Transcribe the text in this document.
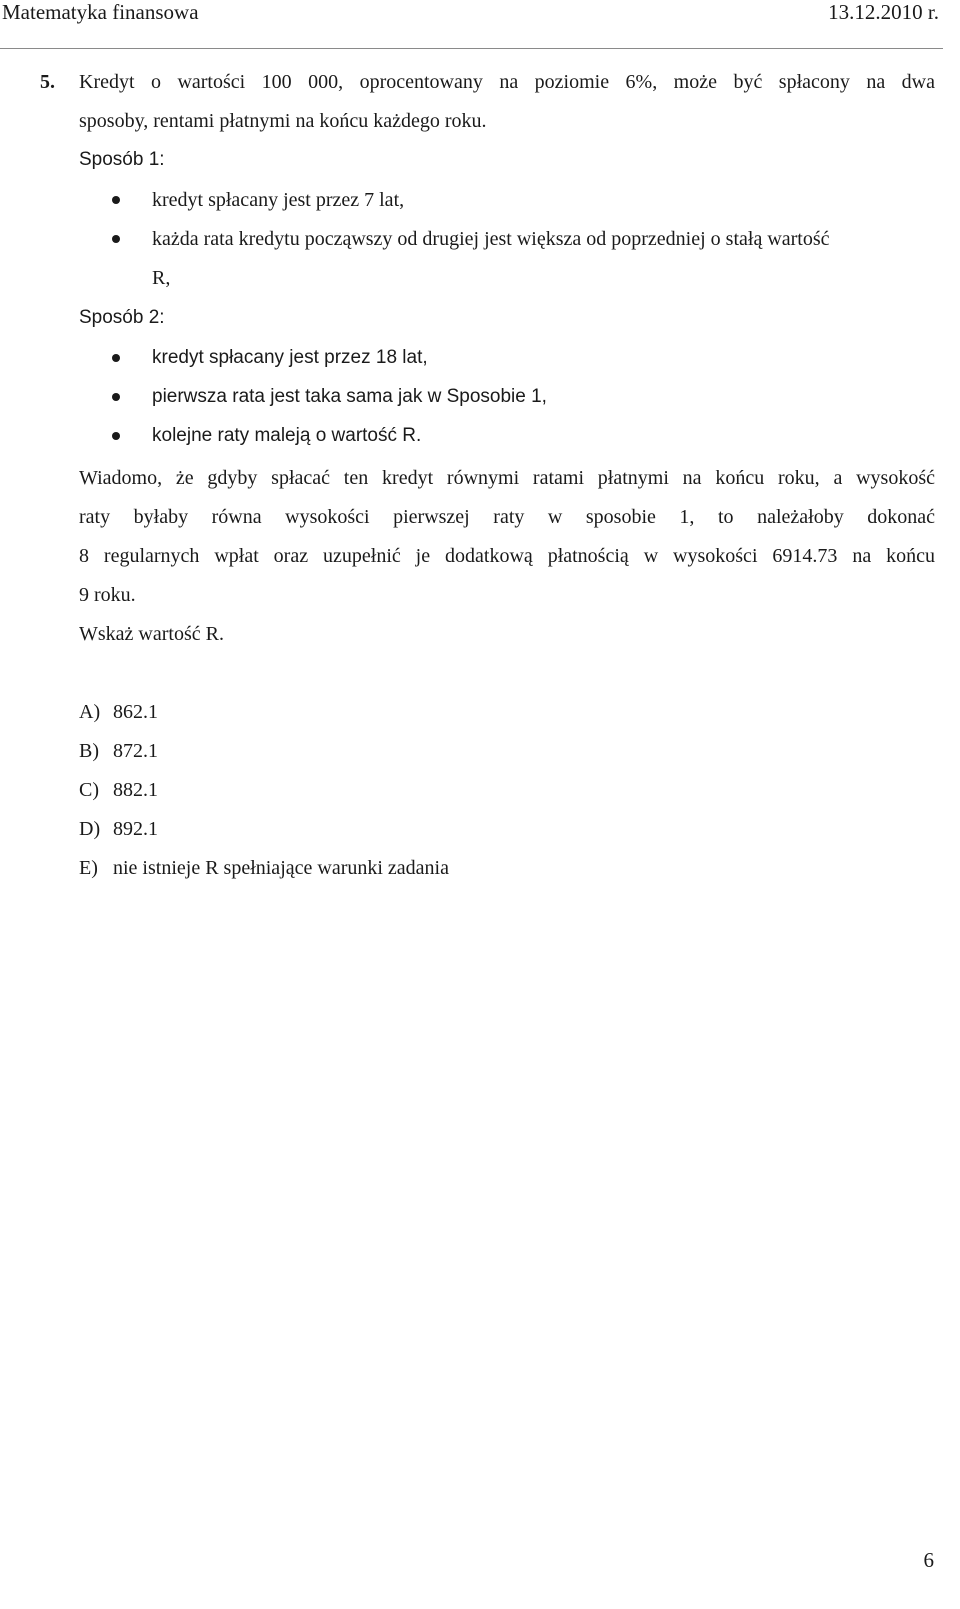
Matematyka finansowa	13.12.2010 r.
5. Kredyt o wartości 100 000, oprocentowany na poziomie 6%, może być spłacony na dwa
sposoby, rentami płatnymi na końcu każdego roku.
Sposób 1:
kredyt spłacany jest przez 7 lat,
każda rata kredytu począwszy od drugiej jest większa od poprzedniej o stałą wartość
R,
Sposób 2:
kredyt spłacany jest przez 18 lat,
pierwsza rata jest taka sama jak w Sposobie 1,
kolejne raty maleją o wartość R.
Wiadomo, że gdyby spłacać ten kredyt równymi ratami płatnymi na końcu roku, a wysokość
raty byłaby równa wysokości pierwszej raty w sposobie 1, to należałoby dokonać
8 regularnych wpłat oraz uzupełnić je dodatkową płatnością w wysokości 6914.73 na końcu
9 roku.
Wskaż wartość R.
A) 862.1
B) 872.1
C) 882.1
D) 892.1
E) nie istnieje R spełniające warunki zadania
6
